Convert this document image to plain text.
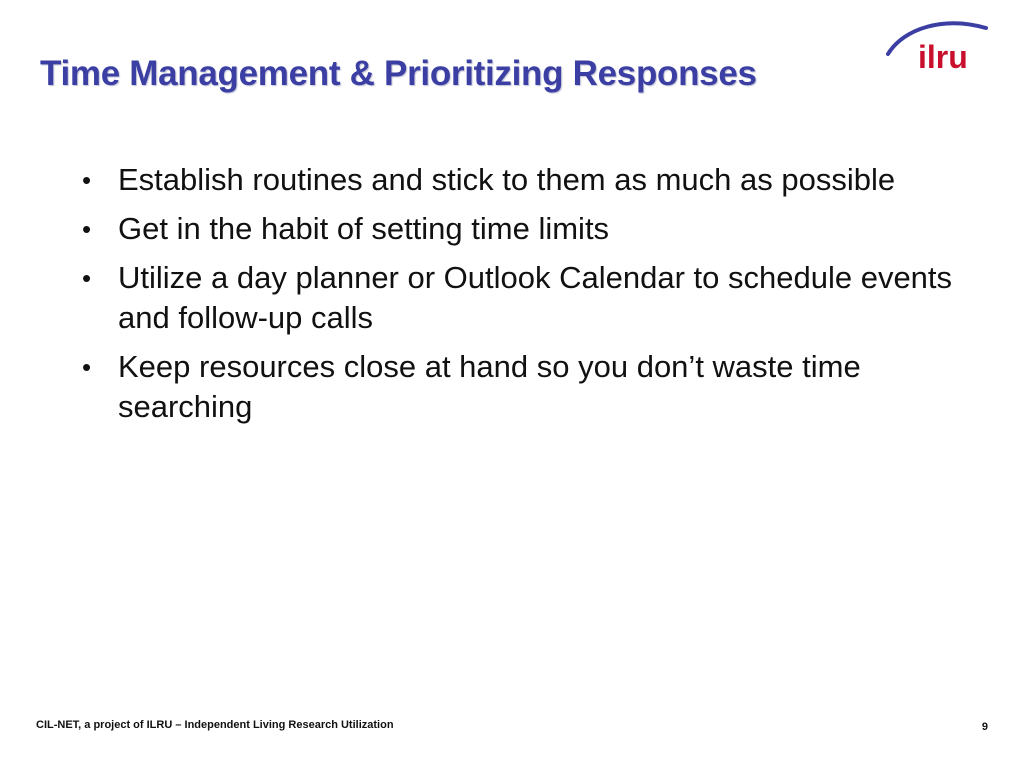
Time Management & Prioritizing Responses	ilru
• Establish routines and stick to them as much as possible
• Get in the habit of setting time limits
• Utilize a day planner or Outlook Calendar to schedule events and follow-up calls
• Keep resources close at hand so you don’t waste time searching
CIL-NET, a project of ILRU – Independent Living Research Utilization	9
